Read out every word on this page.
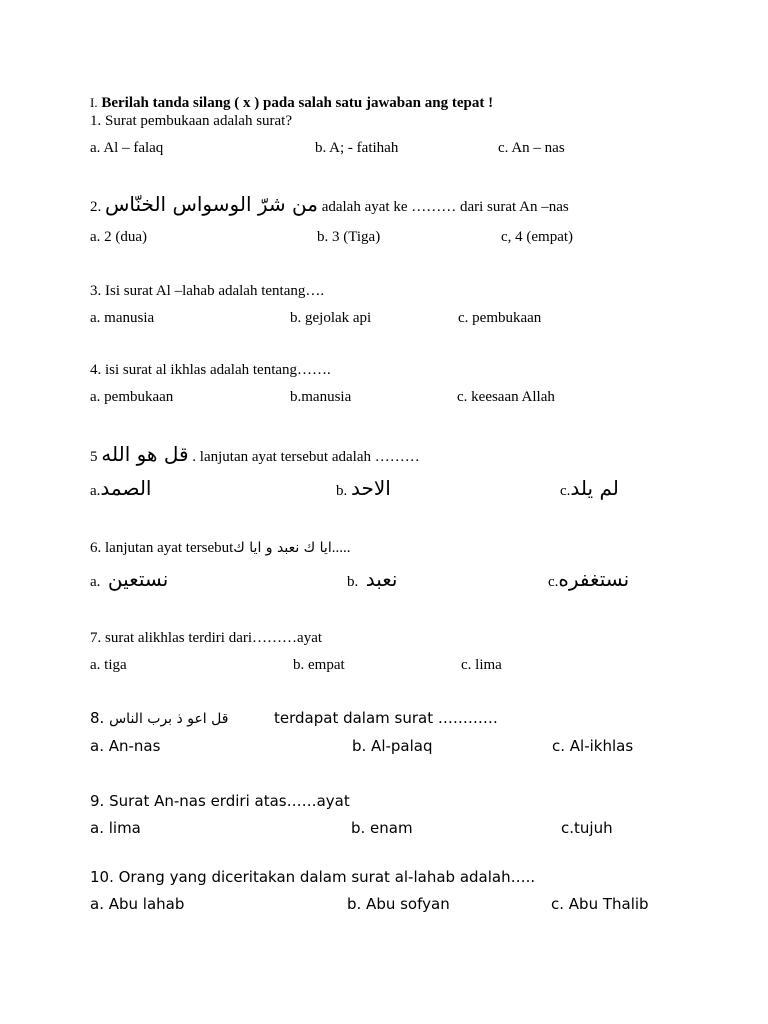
I. Berilah tanda silang ( x ) pada salah satu jawaban ang tepat !
1. Surat pembukaan adalah surat?
a. Al – falaq	b. A; - fatihah	c. An – nas
2. من شرّ الوسواس الخنّاس adalah ayat ke ……… dari surat An –nas
a. 2 (dua)	b. 3 (Tiga)	c, 4 (empat)
3. Isi surat Al –lahab adalah tentang….
a. manusia	b. gejolak api	c. pembukaan
4. isi surat al ikhlas adalah tentang…….
a. pembukaan	b.manusia	c. keesaan Allah
5 قل هو الله . lanjutan ayat tersebut adalah ………
a.الصمد	b. الاحد	c.لم يلد
6. lanjutan ayat tersebutايا ك نعبد و ايا ك.....
a. نستعين	b. نعبد	c.نستغفره
7. surat alikhlas terdiri dari………ayat
a. tiga	b. empat	c. lima
8. قل اعو ذ برب الناس	terdapat dalam surat …………
a. An-nas	b. Al-palaq	c. Al-ikhlas
9. Surat An-nas erdiri atas……ayat
a. lima	b. enam	c.tujuh
10. Orang yang diceritakan dalam surat al-lahab adalah…..
a. Abu lahab	b. Abu sofyan	c. Abu Thalib
